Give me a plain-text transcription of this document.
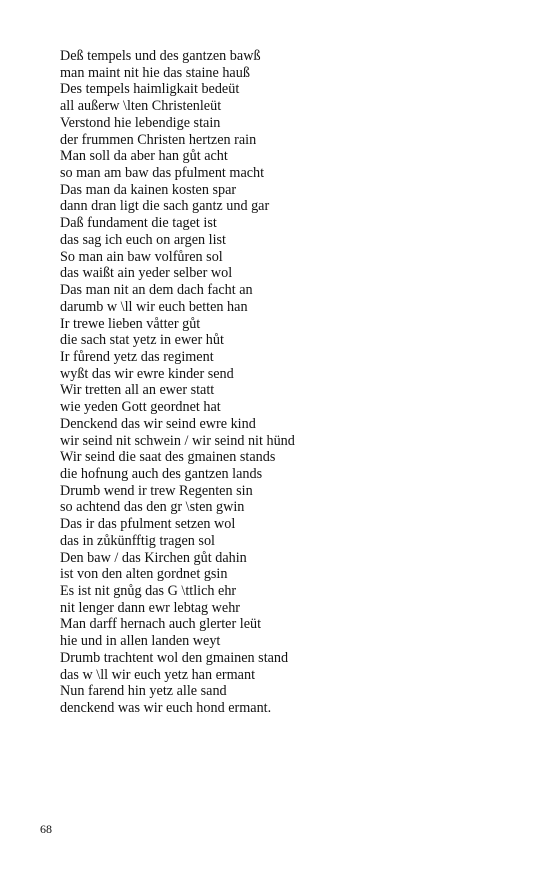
Deß tempels und des gantzen bawß
man maint nit hie das staine hauß
Des tempels haimligkait bedeüt
all außerw \lten Christenleüt
Verstond hie lebendige stain
der frummen Christen hertzen rain
Man soll da aber han gůt acht
so man am baw das pfulment macht
Das man da kainen kosten spar
dann dran ligt die sach gantz und gar
Daß fundament die taget ist
das sag ich euch on argen list
So man ain baw volfůren sol
das waißt ain yeder selber wol
Das man nit an dem dach facht an
darumb w \ll wir euch betten han
Ir trewe lieben våtter gůt
die sach stat yetz in ewer hůt
Ir fůrend yetz das regiment
wyßt das wir ewre kinder send
Wir tretten all an ewer statt
wie yeden Gott geordnet hat
Denckend das wir seind ewre kind
wir seind nit schwein / wir seind nit hünd
Wir seind die saat des gmainen stands
die hofnung auch des gantzen lands
Drumb wend ir trew Regenten sin
so achtend das den gr \sten gwin
Das ir das pfulment setzen wol
das in zůkünfftig tragen sol
Den baw / das Kirchen gůt dahin
ist von den alten gordnet gsin
Es ist nit gnůg das G \ttlich ehr
nit lenger dann ewr lebtag wehr
Man darff hernach auch glerter leüt
hie und in allen landen weyt
Drumb trachtent wol den gmainen stand
das w \ll wir euch yetz han ermant
Nun farend hin yetz alle sand
denckend was wir euch hond ermant.
68
